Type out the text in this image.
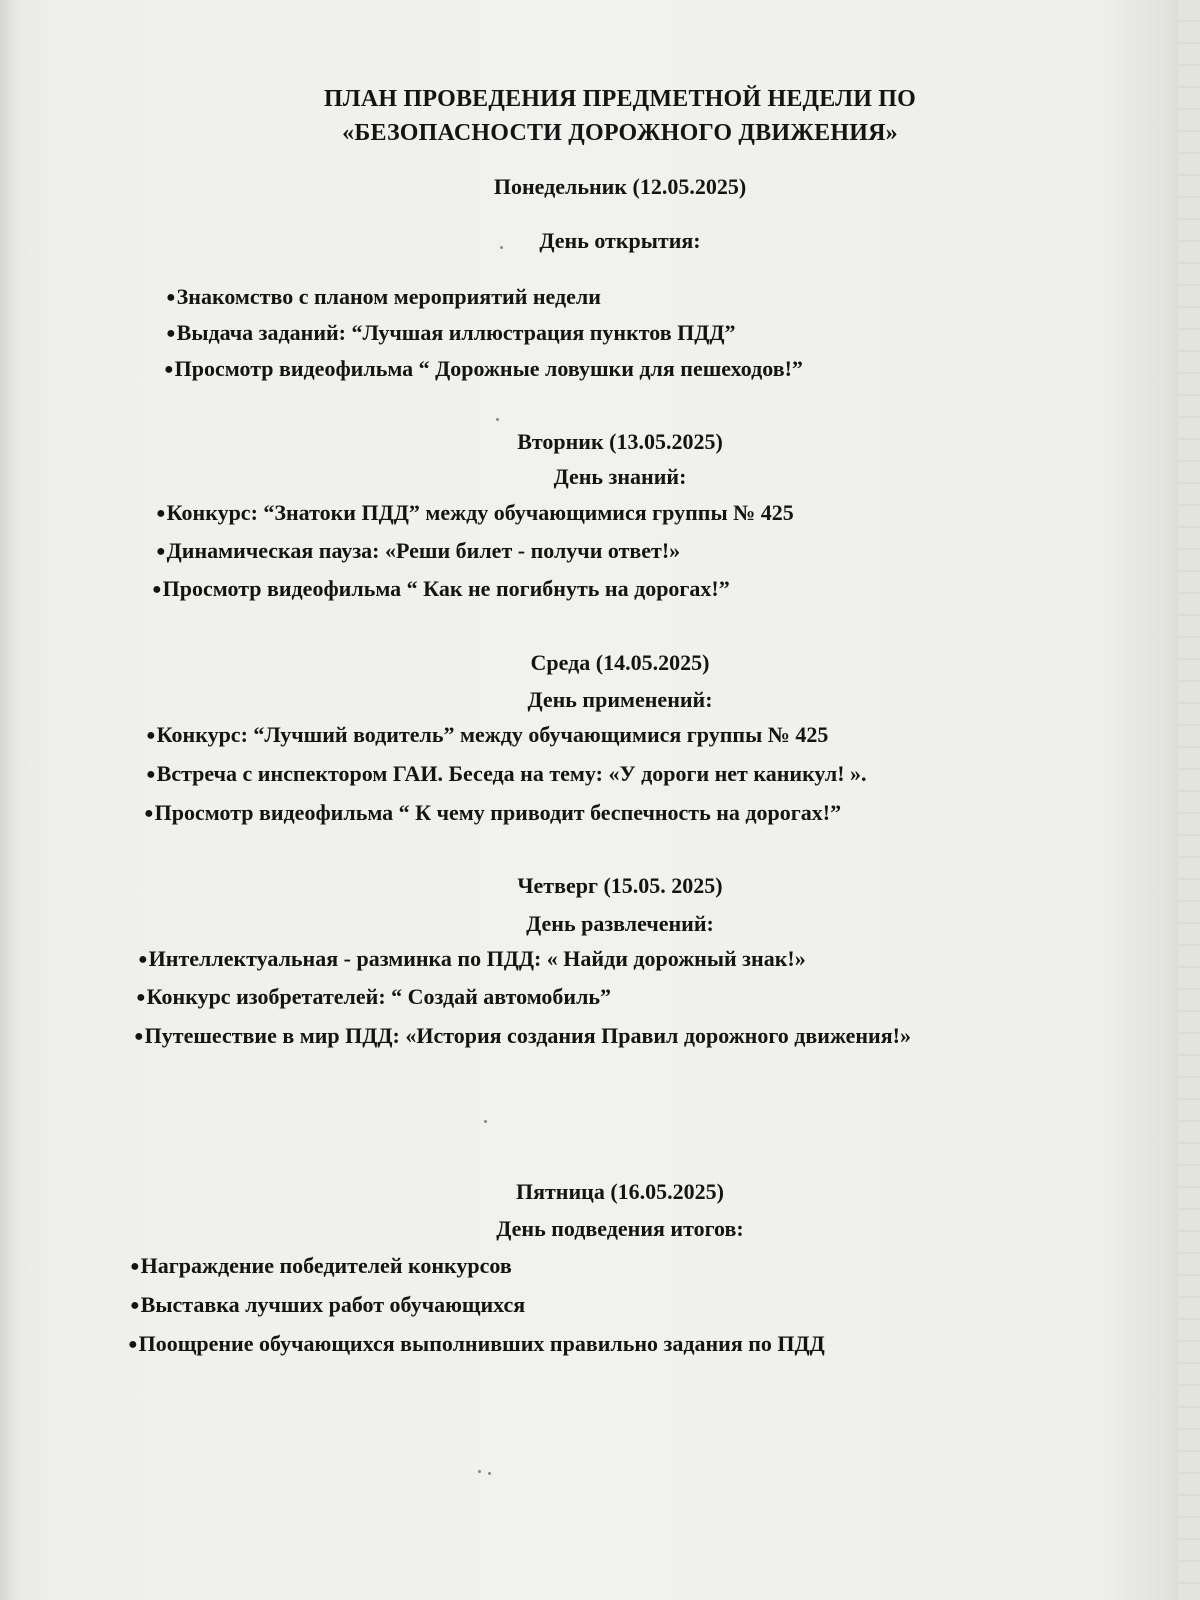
ПЛАН ПРОВЕДЕНИЯ ПРЕДМЕТНОЙ НЕДЕЛИ ПО
«БЕЗОПАСНОСТИ ДОРОЖНОГО ДВИЖЕНИЯ»
Понедельник (12.05.2025)
День открытия:
●Знакомство с планом мероприятий недели
●Выдача заданий: “Лучшая иллюстрация пунктов ПДД”
●Просмотр видеофильма “ Дорожные ловушки для пешеходов!”
Вторник (13.05.2025)
День знаний:
●Конкурс: “Знатоки ПДД” между обучающимися группы № 425
●Динамическая пауза: «Реши билет - получи ответ!»
●Просмотр видеофильма “ Как не погибнуть на дорогах!”
Среда (14.05.2025)
День применений:
●Конкурс: “Лучший водитель” между обучающимися группы № 425
●Встреча с инспектором ГАИ. Беседа на тему: «У дороги нет каникул! ».
●Просмотр видеофильма “ К чему приводит беспечность на дорогах!”
Четверг (15.05. 2025)
День развлечений:
●Интеллектуальная - разминка по ПДД: « Найди дорожный знак!»
●Конкурс изобретателей: “ Создай автомобиль”
●Путешествие в мир ПДД: «История создания Правил дорожного движения!»
Пятница (16.05.2025)
День подведения итогов:
●Награждение победителей конкурсов
●Выставка лучших работ обучающихся
●Поощрение обучающихся выполнивших правильно задания по ПДД
